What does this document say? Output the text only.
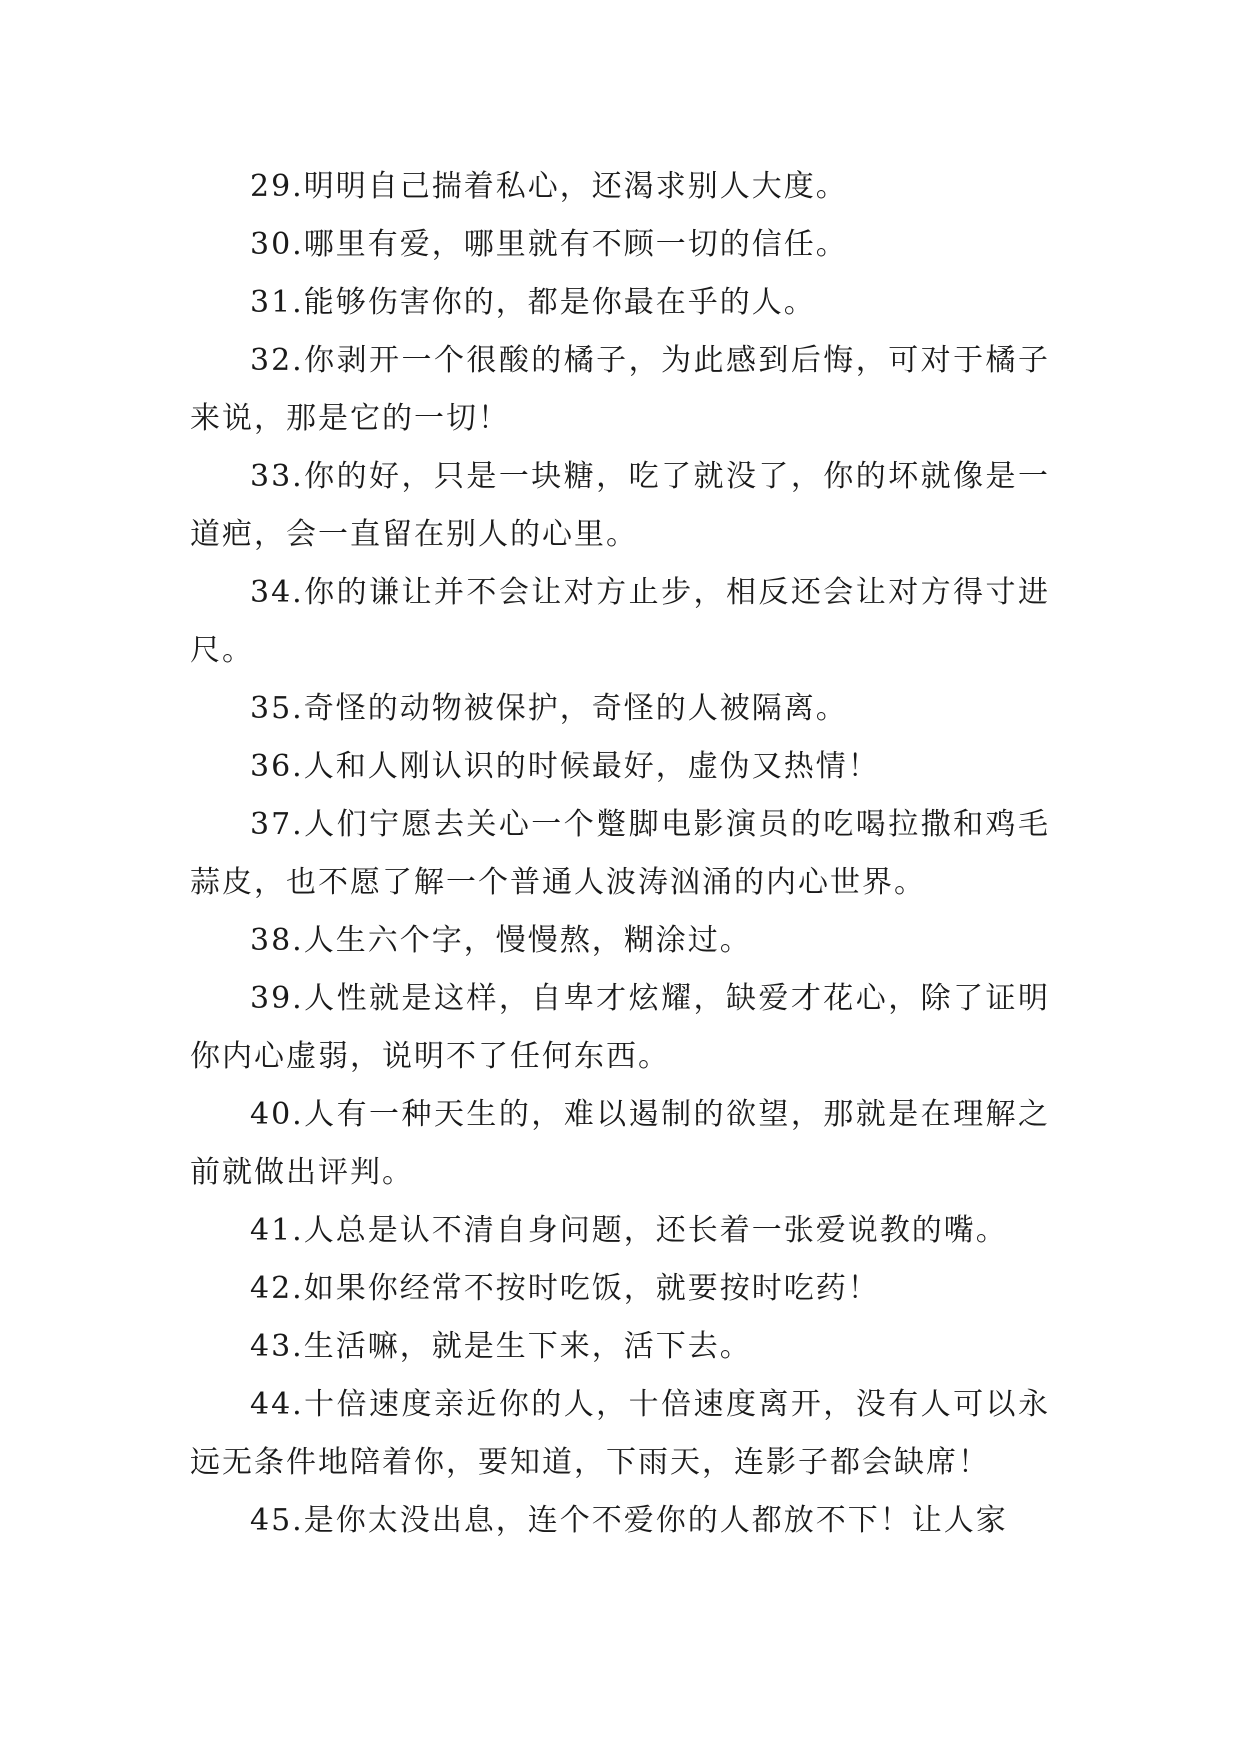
29.明明自己揣着私心，还渴求别人大度。

30.哪里有爱，哪里就有不顾一切的信任。

31.能够伤害你的，都是你最在乎的人。

32.你剥开一个很酸的橘子，为此感到后悔，可对于橘子来说，那是它的一切！

33.你的好，只是一块糖，吃了就没了，你的坏就像是一道疤，会一直留在别人的心里。

34.你的谦让并不会让对方止步，相反还会让对方得寸进尺。

35.奇怪的动物被保护，奇怪的人被隔离。

36.人和人刚认识的时候最好，虚伪又热情！

37.人们宁愿去关心一个蹩脚电影演员的吃喝拉撒和鸡毛蒜皮，也不愿了解一个普通人波涛汹涌的内心世界。

38.人生六个字，慢慢熬，糊涂过。

39.人性就是这样，自卑才炫耀，缺爱才花心，除了证明你内心虚弱，说明不了任何东西。

40.人有一种天生的，难以遏制的欲望，那就是在理解之前就做出评判。

41.人总是认不清自身问题，还长着一张爱说教的嘴。

42.如果你经常不按时吃饭，就要按时吃药！

43.生活嘛，就是生下来，活下去。

44.十倍速度亲近你的人，十倍速度离开，没有人可以永远无条件地陪着你，要知道，下雨天，连影子都会缺席！

45.是你太没出息，连个不爱你的人都放不下！让人家
